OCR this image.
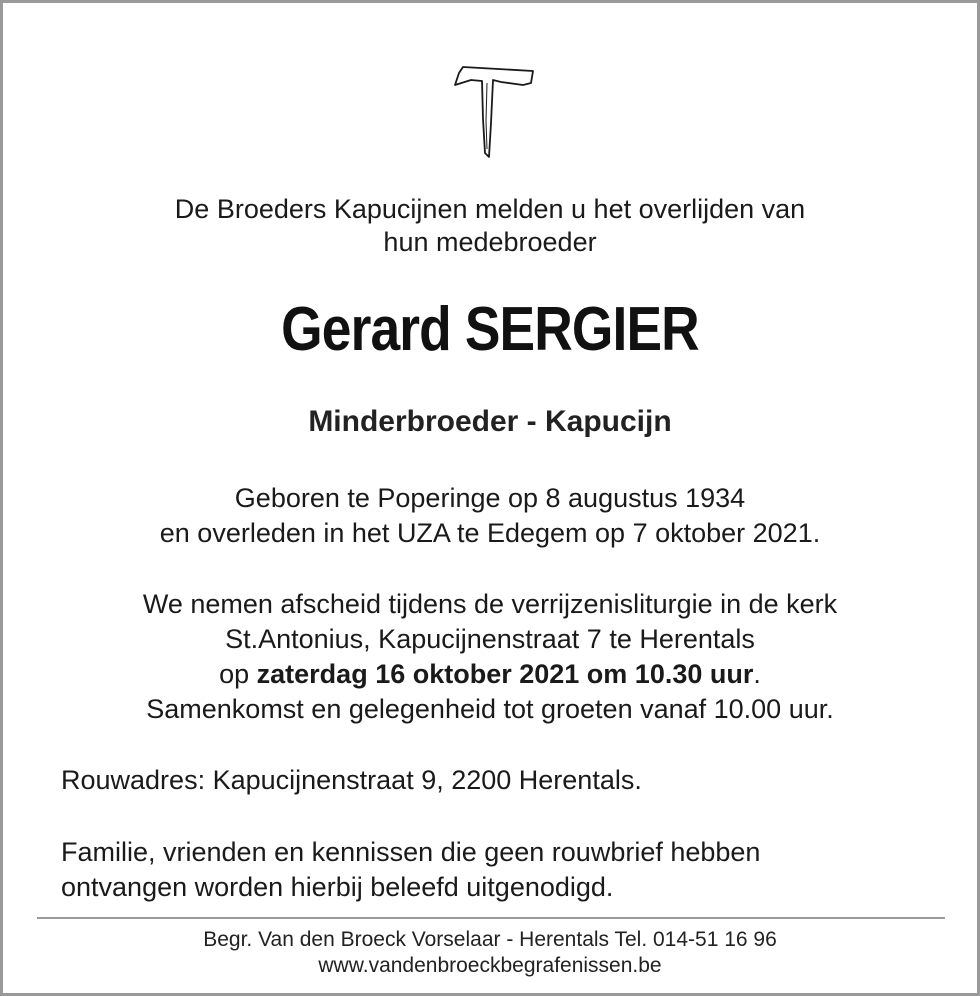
De Broeders Kapucijnen melden u het overlijden van
hun medebroeder
Gerard SERGIER
Minderbroeder - Kapucijn
Geboren te Poperinge op 8 augustus 1934
en overleden in het UZA te Edegem op 7 oktober 2021.
We nemen afscheid tijdens de verrijzenisliturgie in de kerk
St.Antonius, Kapucijnenstraat 7 te Herentals
op zaterdag 16 oktober 2021 om 10.30 uur.
Samenkomst en gelegenheid tot groeten vanaf 10.00 uur.
Rouwadres: Kapucijnenstraat 9, 2200 Herentals.
Familie, vrienden en kennissen die geen rouwbrief hebben
ontvangen worden hierbij beleefd uitgenodigd.
Begr. Van den Broeck Vorselaar - Herentals Tel. 014-51 16 96
www.vandenbroeckbegrafenissen.be
